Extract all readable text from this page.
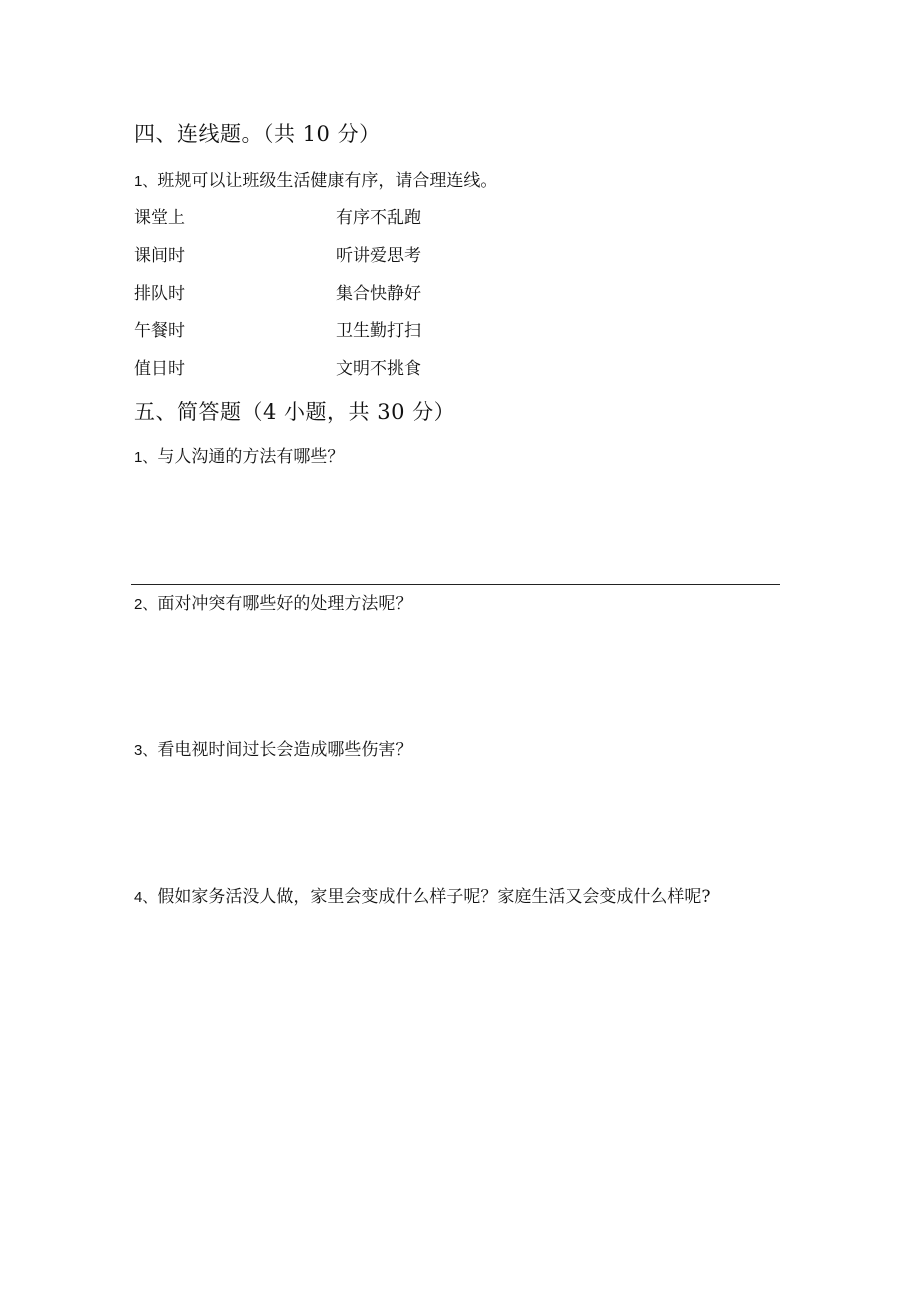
四、连线题。（共 10 分）
1、班规可以让班级生活健康有序，请合理连线。
课堂上	有序不乱跑
课间时	听讲爱思考
排队时	集合快静好
午餐时	卫生勤打扫
值日时	文明不挑食
五、简答题（4 小题，共 30 分）
1、与人沟通的方法有哪些？
2、面对冲突有哪些好的处理方法呢？
3、看电视时间过长会造成哪些伤害？
4、假如家务活没人做，家里会变成什么样子呢？家庭生活又会变成什么样呢?
